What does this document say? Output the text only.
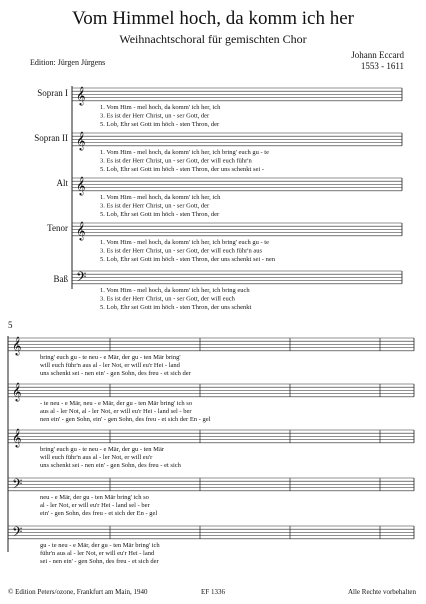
Vom Himmel hoch, da komm ich her
Weihnachtschoral für gemischten Chor
Johann Eccard
1553 - 1611
Edition: Jürgen Jürgens
Sopran I
Sopran II
Alt
Tenor
Baß
𝄞
1. Vom Him - mel hoch, da komm' ich her, ich
3. Es ist der Herr Christ, un - ser Gott, der
5. Lob, Ehr sei Gott im höch - sten Thron, der
𝄞
1. Vom Him - mel hoch, da komm' ich her, ich bring' euch gu - te
3. Es ist der Herr Christ, un - ser Gott, der will euch führ'n
5. Lob, Ehr sei Gott im höch - sten Thron, der uns schenkt sei -
𝄞
1. Vom Him - mel hoch, da komm' ich her, ich
3. Es ist der Herr Christ, un - ser Gott, der
5. Lob, Ehr sei Gott im höch - sten Thron, der
𝄞
1. Vom Him - mel hoch, da komm' ich her, ich bring' euch gu - te
3. Es ist der Herr Christ, un - ser Gott, der will euch führ'n aus
5. Lob, Ehr sei Gott im höch - sten Thron, der uns schenkt sei - nen
𝄢
1. Vom Him - mel hoch, da komm' ich her, ich bring euch
3. Es ist der Herr Christ, un - ser Gott, der will euch
5. Lob, Ehr sei Gott im höch - sten Thron, der uns schenkt
𝄞
bring' euch gu - te neu - e Mär, der gu - ten Mär bring'
will euch führ'n aus al - ler Not, er will eu'r Hei - land
uns schenkt sei - nen ein' - gen Sohn, des freu - et sich der
𝄞
- te neu - e Mär, neu - e Mär, der gu - ten Mär bring' ich so
aus al - ler Not, al - ler Not, er will eu'r Hei - land sel - ber
nen ein' - gen Sohn, ein' - gen Sohn, des freu - et sich der En - gel
𝄞
bring' euch gu - te neu - e Mär, der gu - ten Mär
will euch führ'n aus al - ler Not, er will eu'r
uns schenkt sei - nen ein' - gen Sohn, des freu - et sich
𝄢
neu - e Mär, der gu - ten Mär bring' ich so
al - ler Not, er will eu'r Hei - land sel - ber
ein' - gen Sohn, des freu - et sich der En - gel
𝄢
gu - te neu - e Mär, der gu - ten Mär bring' ich
führ'n aus al - ler Not, er will eu'r Hei - land
sei - nen ein' - gen Sohn, des freu - et sich der
5
© Edition Peters/ozone, Frankfurt am Main, 1940	EF 1336	Alle Rechte vorbehalten
